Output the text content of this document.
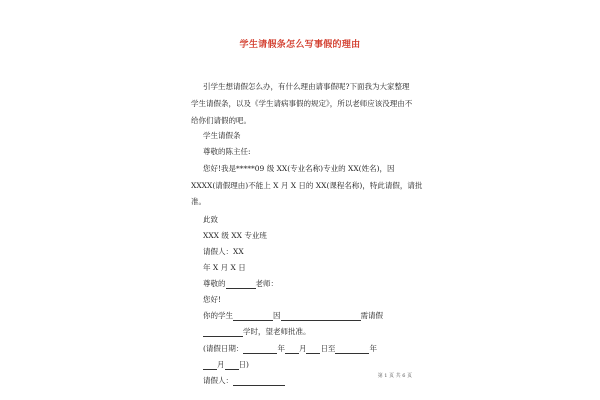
学生请假条怎么写事假的理由
引学生想请假怎么办，有什么理由请事假呢?下面我为大家整理
学生请假条，以及《学生请病事假的规定》，所以老师应该没理由不
给你们请假的吧。
学生请假条
尊敬的陈主任:
您好!我是*****09 级 XX(专业名称)专业的 XX(姓名)，因
XXXX(请假理由)不能上 X 月 X 日的 XX(课程名称)，特此请假，请批
准。
此致
XXX 级 XX 专业班
请假人：XX
年 X 月 X 日
尊敬的	老师：
您好!
你的学生	因	需请假
学时，望老师批准。
(请假日期：	年 月 日至	年
月 日)
请假人：	第 1 页 共 6 页
